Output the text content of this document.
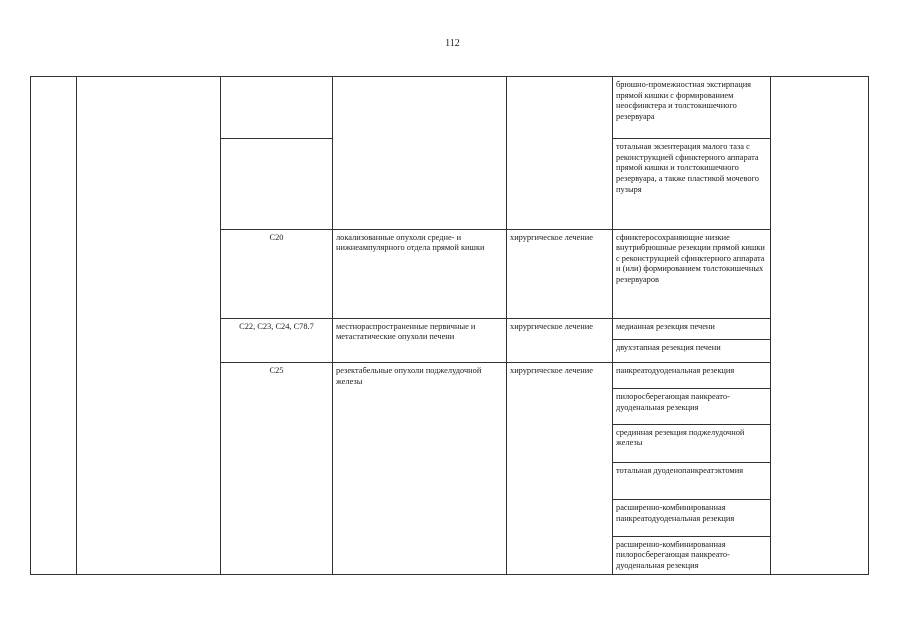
112
					брюшно-промежностная экстирпация прямой кишки с формированием неосфинктера и толстокишечного резервуара	
					тотальная экзентерация малого таза с реконструкцией сфинктерного аппарата прямой кишки и толстокишечного резервуара, а также пластикой мочевого пузыря	
		C20	локализованные опухоли средне- и нижнеампулярного отдела прямой кишки	хирургическое лечение	сфинктеросохраняющие низкие внутрибрюшные резекции прямой кишки с реконструкцией сфинктерного аппарата и (или) формированием толстокишечных резервуаров	
		C22, C23, C24, C78.7	местнораспространенные первичные и метастатические опухоли печени	хирургическое лечение	медианная резекция печени	
					двухэтапная резекция печени	
		C25	резектабельные опухоли поджелудочной железы	хирургическое лечение	панкреатодуоденальная резекция	
					пилоросберегающая панкреато-дуоденальная резекция	
					срединная резекция поджелудочной железы	
					тотальная дуоденопанкреатэктомия	
					расширенно-комбинированная панкреатодуоденальная резекция	
					расширенно-комбинированная пилоросберегающая панкреато-дуоденальная резекция	
